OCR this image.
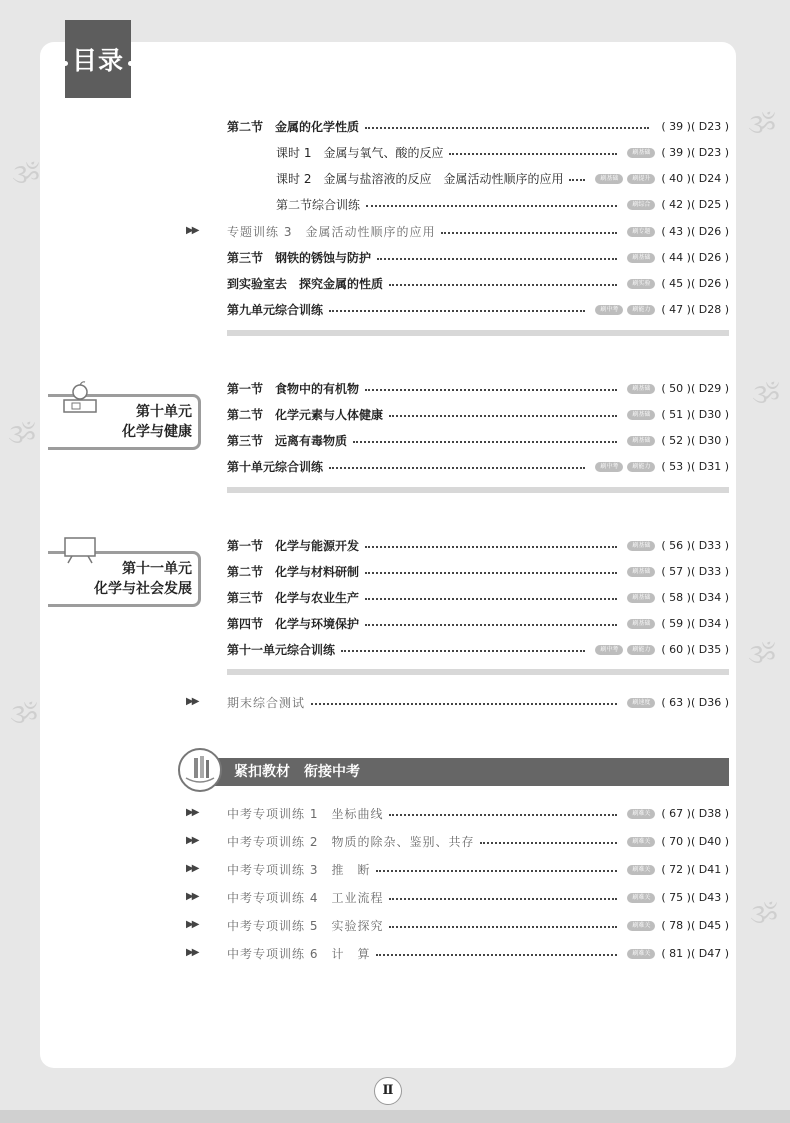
ૐ
ૐ
ૐ
ૐ
ૐ
ૐ
ૐ
目录
第二节　金属的化学性质	( 39 )( D23 )
课时 1　金属与氧气、酸的反应	刷基础	( 39 )( D23 )
课时 2　金属与盐溶液的反应　金属活动性顺序的应用	刷基础	刷提升	( 40 )( D24 )
第二节综合训练	刷综合	( 42 )( D25 )
▶▶ 专题训练 3　金属活动性顺序的应用	刷专题	( 43 )( D26 )
第三节　钢铁的锈蚀与防护	刷基础	( 44 )( D26 )
到实验室去　探究金属的性质	刷实验	( 45 )( D26 )
第九单元综合训练	刷中考	刷能力	( 47 )( D28 )
第十单元
化学与健康
第一节　食物中的有机物	刷基础	( 50 )( D29 )
第二节　化学元素与人体健康	刷基础	( 51 )( D30 )
第三节　远离有毒物质	刷基础	( 52 )( D30 )
第十单元综合训练	刷中考	刷能力	( 53 )( D31 )
第十一单元
化学与社会发展
第一节　化学与能源开发	刷基础	( 56 )( D33 )
第二节　化学与材料研制	刷基础	( 57 )( D33 )
第三节　化学与农业生产	刷基础	( 58 )( D34 )
第四节　化学与环境保护	刷基础	( 59 )( D34 )
第十一单元综合训练	刷中考	刷能力	( 60 )( D35 )
▶▶ 期末综合测试	刷速度	( 63 )( D36 )
紧扣教材　衔接中考
▶▶ 中考专项训练 1　坐标曲线	刷难关	( 67 )( D38 )
▶▶ 中考专项训练 2　物质的除杂、鉴别、共存	刷难关	( 70 )( D40 )
▶▶ 中考专项训练 3　推　断	刷难关	( 72 )( D41 )
▶▶ 中考专项训练 4　工业流程	刷难关	( 75 )( D43 )
▶▶ 中考专项训练 5　实验探究	刷难关	( 78 )( D45 )
▶▶ 中考专项训练 6　计　算	刷难关	( 81 )( D47 )
Ⅱ
